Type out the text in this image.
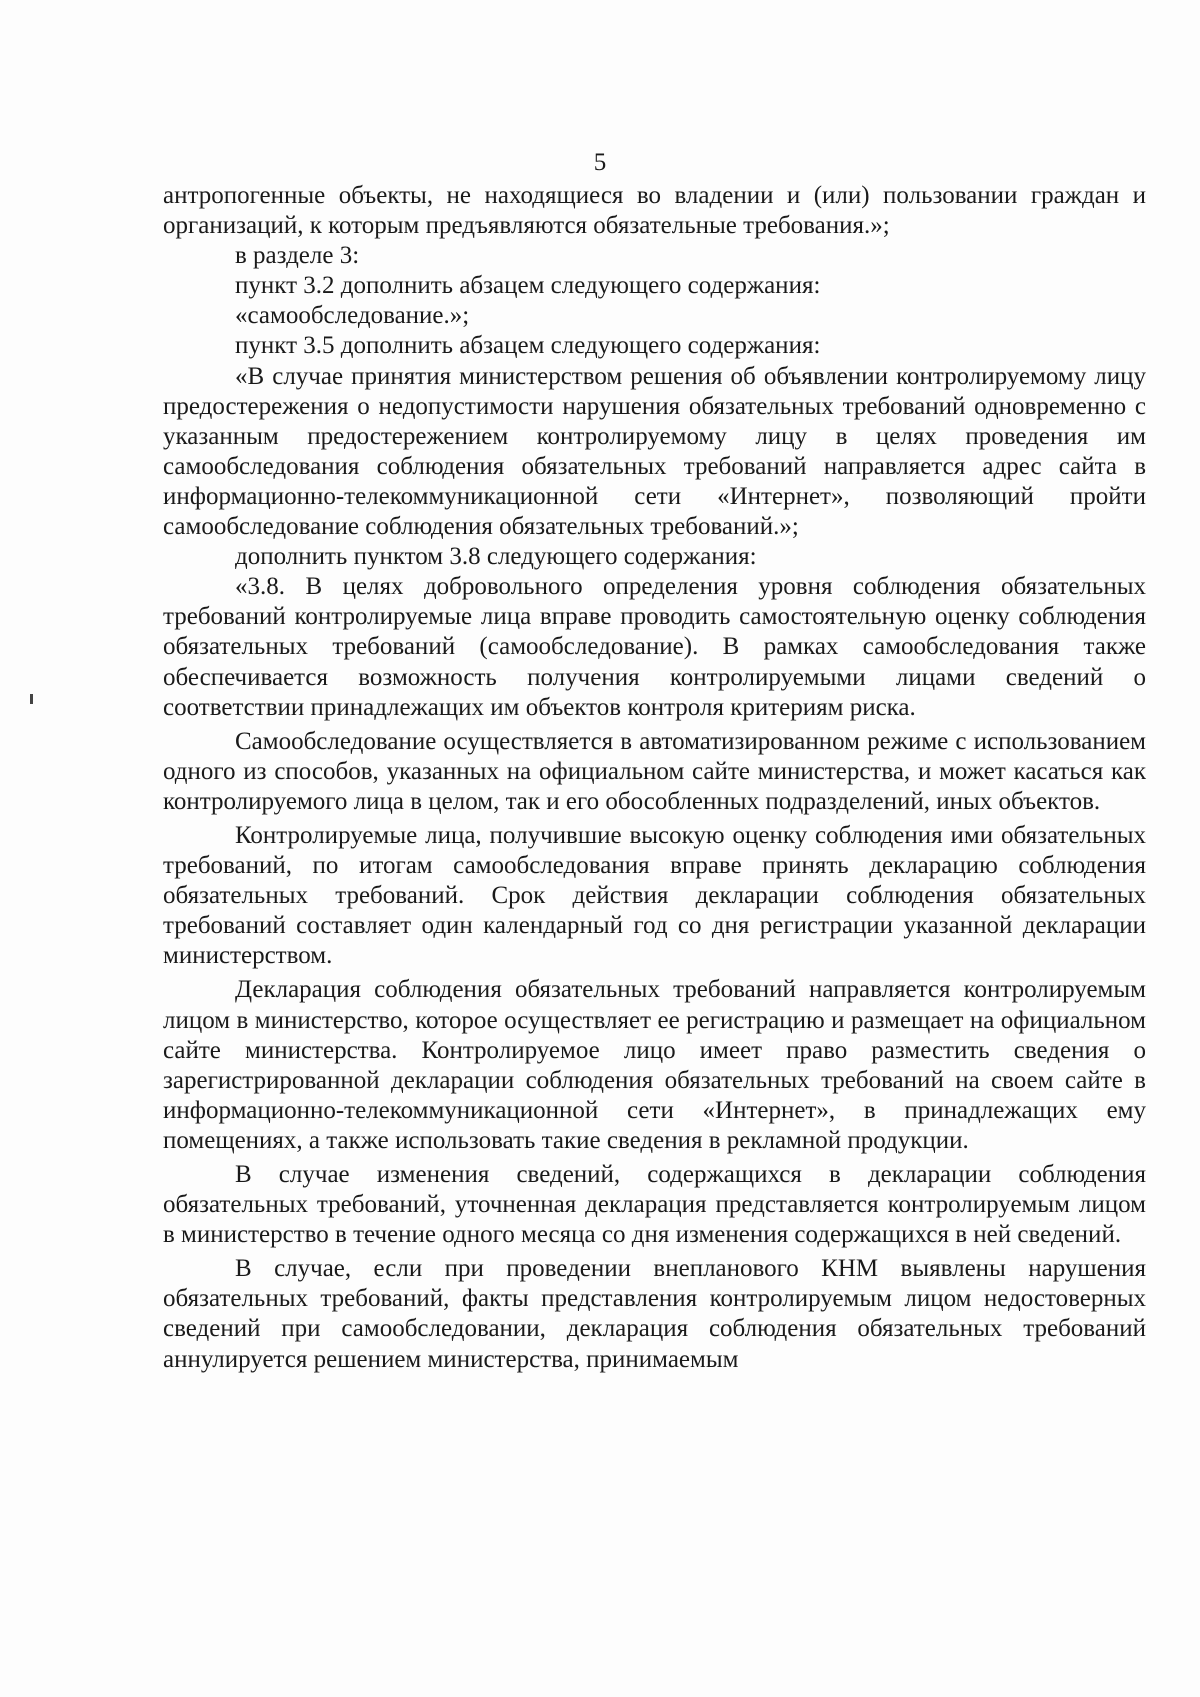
5

антропогенные объекты, не находящиеся во владении и (или) пользовании граждан и организаций, к которым предъявляются обязательные требования.»;

в разделе 3:

пункт 3.2 дополнить абзацем следующего содержания:

«самообследование.»;

пункт 3.5 дополнить абзацем следующего содержания:

«В случае принятия министерством решения об объявлении контролируемому лицу предостережения о недопустимости нарушения обязательных требований одновременно с указанным предостережением контролируемому лицу в целях проведения им самообследования соблюдения обязательных требований направляется адрес сайта в информационно-телекоммуникационной сети «Интернет», позволяющий пройти самообследование соблюдения обязательных требований.»;

дополнить пунктом 3.8 следующего содержания:

«3.8. В целях добровольного определения уровня соблюдения обязательных требований контролируемые лица вправе проводить самостоятельную оценку соблюдения обязательных требований (самообследование). В рамках самообследования также обеспечивается возможность получения контролируемыми лицами сведений о соответствии принадлежащих им объектов контроля критериям риска.

Самообследование осуществляется в автоматизированном режиме с использованием одного из способов, указанных на официальном сайте министерства, и может касаться как контролируемого лица в целом, так и его обособленных подразделений, иных объектов.

Контролируемые лица, получившие высокую оценку соблюдения ими обязательных требований, по итогам самообследования вправе принять декларацию соблюдения обязательных требований. Срок действия декларации соблюдения обязательных требований составляет один календарный год со дня регистрации указанной декларации министерством.

Декларация соблюдения обязательных требований направляется контролируемым лицом в министерство, которое осуществляет ее регистрацию и размещает на официальном сайте министерства. Контролируемое лицо имеет право разместить сведения о зарегистрированной декларации соблюдения обязательных требований на своем сайте в информационно-телекоммуникационной сети «Интернет», в принадлежащих ему помещениях, а также использовать такие сведения в рекламной продукции.

В случае изменения сведений, содержащихся в декларации соблюдения обязательных требований, уточненная декларация представляется контролируемым лицом в министерство в течение одного месяца со дня изменения содержащихся в ней сведений.

В случае, если при проведении внепланового КНМ выявлены нарушения обязательных требований, факты представления контролируемым лицом недостоверных сведений при самообследовании, декларация соблюдения обязательных требований аннулируется решением министерства, принимаемым
